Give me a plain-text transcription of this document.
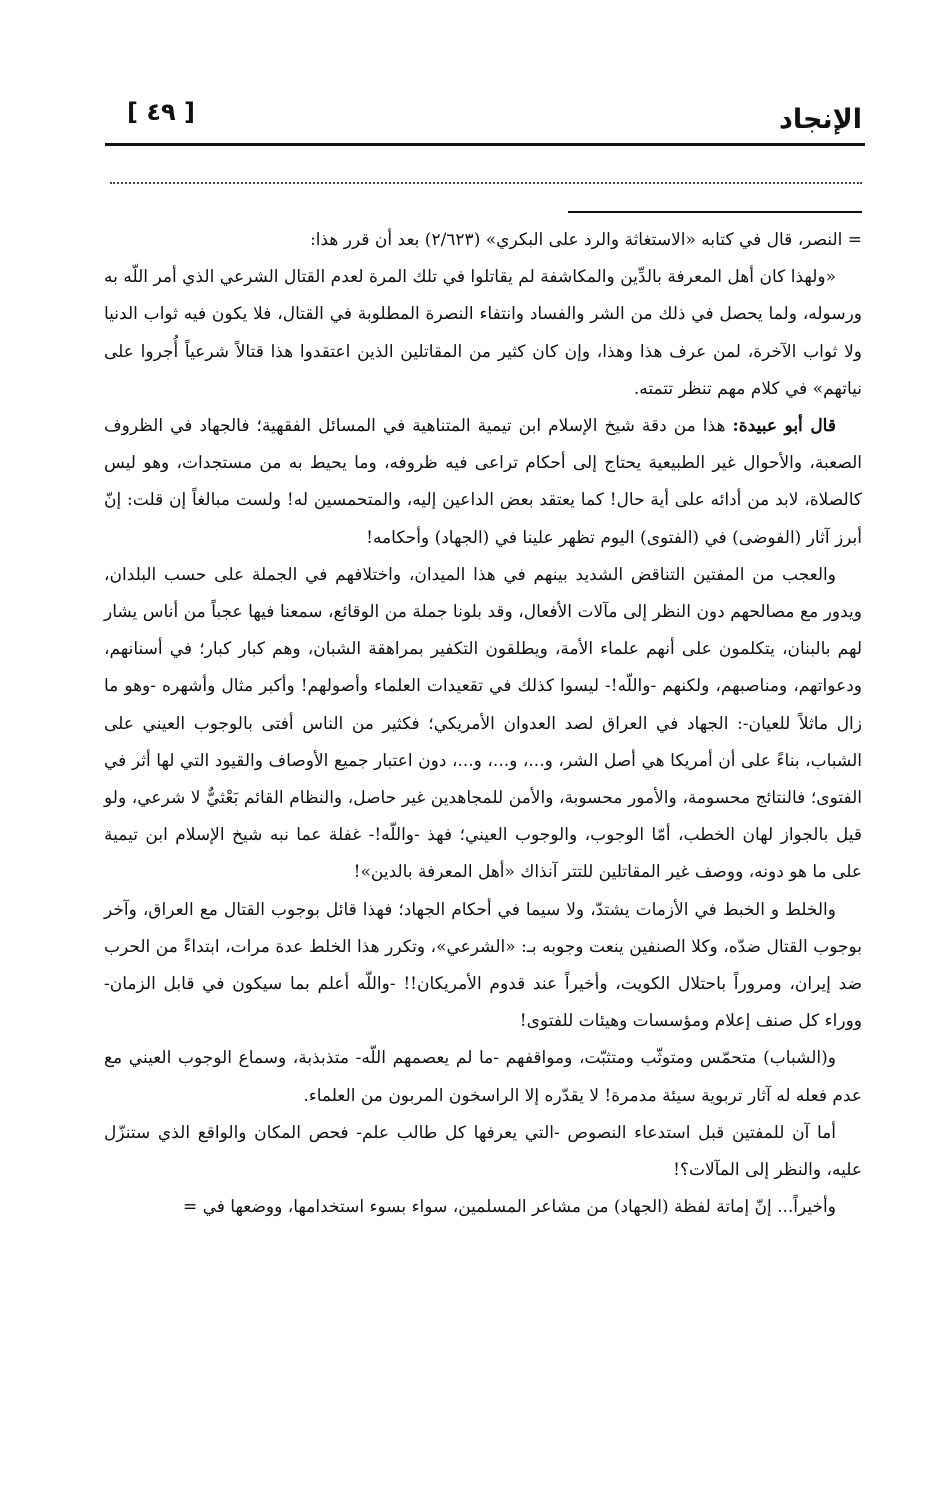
الإنجاد
[ ٤٩ ]

= النصر، قال في كتابه «الاستغاثة والرد على البكري» (٢/٦٢٣) بعد أن قرر هذا:

«ولهذا كان أهل المعرفة بالدِّين والمكاشفة لم يقاتلوا في تلك المرة لعدم القتال الشرعي الذي أمر اللّه به ورسوله، ولما يحصل في ذلك من الشر والفساد وانتفاء النصرة المطلوبة في القتال، فلا يكون فيه ثواب الدنيا ولا ثواب الآخرة، لمن عرف هذا وهذا، وإن كان كثير من المقاتلين الذين اعتقدوا هذا قتالاً شرعياً أُجروا على نياتهم» في كلام مهم تنظر تتمته.

قال أبو عبيدة: هذا من دقة شيخ الإسلام ابن تيمية المتناهية في المسائل الفقهية؛ فالجهاد في الظروف الصعبة، والأحوال غير الطبيعية يحتاج إلى أحكام تراعى فيه ظروفه، وما يحيط به من مستجدات، وهو ليس كالصلاة، لابد من أدائه على أية حال! كما يعتقد بعض الداعين إليه، والمتحمسين له! ولست مبالغاً إن قلت: إنّ أبرز آثار (الفوضى) في (الفتوى) اليوم تظهر علينا في (الجهاد) وأحكامه!

والعجب من المفتين التناقض الشديد بينهم في هذا الميدان، واختلافهم في الجملة على حسب البلدان، ويدور مع مصالحهم دون النظر إلى مآلات الأفعال، وقد بلونا جملة من الوقائع، سمعنا فيها عجباً من أناس يشار لهم بالبنان، يتكلمون على أنهم علماء الأمة، ويطلقون التكفير بمراهقة الشبان، وهم كبار كبار؛ في أسنانهم، ودعواتهم، ومناصبهم، ولكنهم -واللّه!- ليسوا كذلك في تقعيدات العلماء وأصولهم! وأكبر مثال وأشهره -وهو ما زال ماثلاً للعيان-: الجهاد في العراق لصد العدوان الأمريكي؛ فكثير من الناس أفتى بالوجوب العيني على الشباب، بناءً على أن أمريكا هي أصل الشر، و...، و...، و...، دون اعتبار جميع الأوصاف والقيود التي لها أثر في الفتوى؛ فالنتائج محسومة، والأمور محسوبة، والأمن للمجاهدين غير حاصل، والنظام القائم بَعْثيٌّ لا شرعي، ولو قيل بالجواز لهان الخطب، أمّا الوجوب، والوجوب العيني؛ فهذ -واللّه!- غفلة عما نبه شيخ الإسلام ابن تيمية على ما هو دونه، ووصف غير المقاتلين للتتر آنذاك «أهل المعرفة بالدين»!

والخلط و الخبط في الأزمات يشتدّ، ولا سيما في أحكام الجهاد؛ فهذا قائل بوجوب القتال مع العراق، وآخر بوجوب القتال ضدّه، وكلا الصنفين ينعت وجوبه بـ: «الشرعي»، وتكرر هذا الخلط عدة مرات، ابتداءً من الحرب ضد إيران، ومروراً باحتلال الكويت، وأخيراً عند قدوم الأمريكان!! -واللّه أعلم بما سيكون في قابل الزمان- ووراء كل صنف إعلام ومؤسسات وهيئات للفتوى!

و(الشباب) متحمّس ومتوثّب ومتثبّت، ومواقفهم -ما لم يعصمهم اللّه- متذبذبة، وسماع الوجوب العيني مع عدم فعله له آثار تربوية سيئة مدمرة! لا يقدّره إلا الراسخون المربون من العلماء.

أما آن للمفتين قبل استدعاء النصوص -التي يعرفها كل طالب علم- فحص المكان والواقع الذي ستنزّل عليه، والنظر إلى المآلات؟!

وأخيراً... إنّ إماتة لفظة (الجهاد) من مشاعر المسلمين، سواء بسوء استخدامها، ووضعها في =
